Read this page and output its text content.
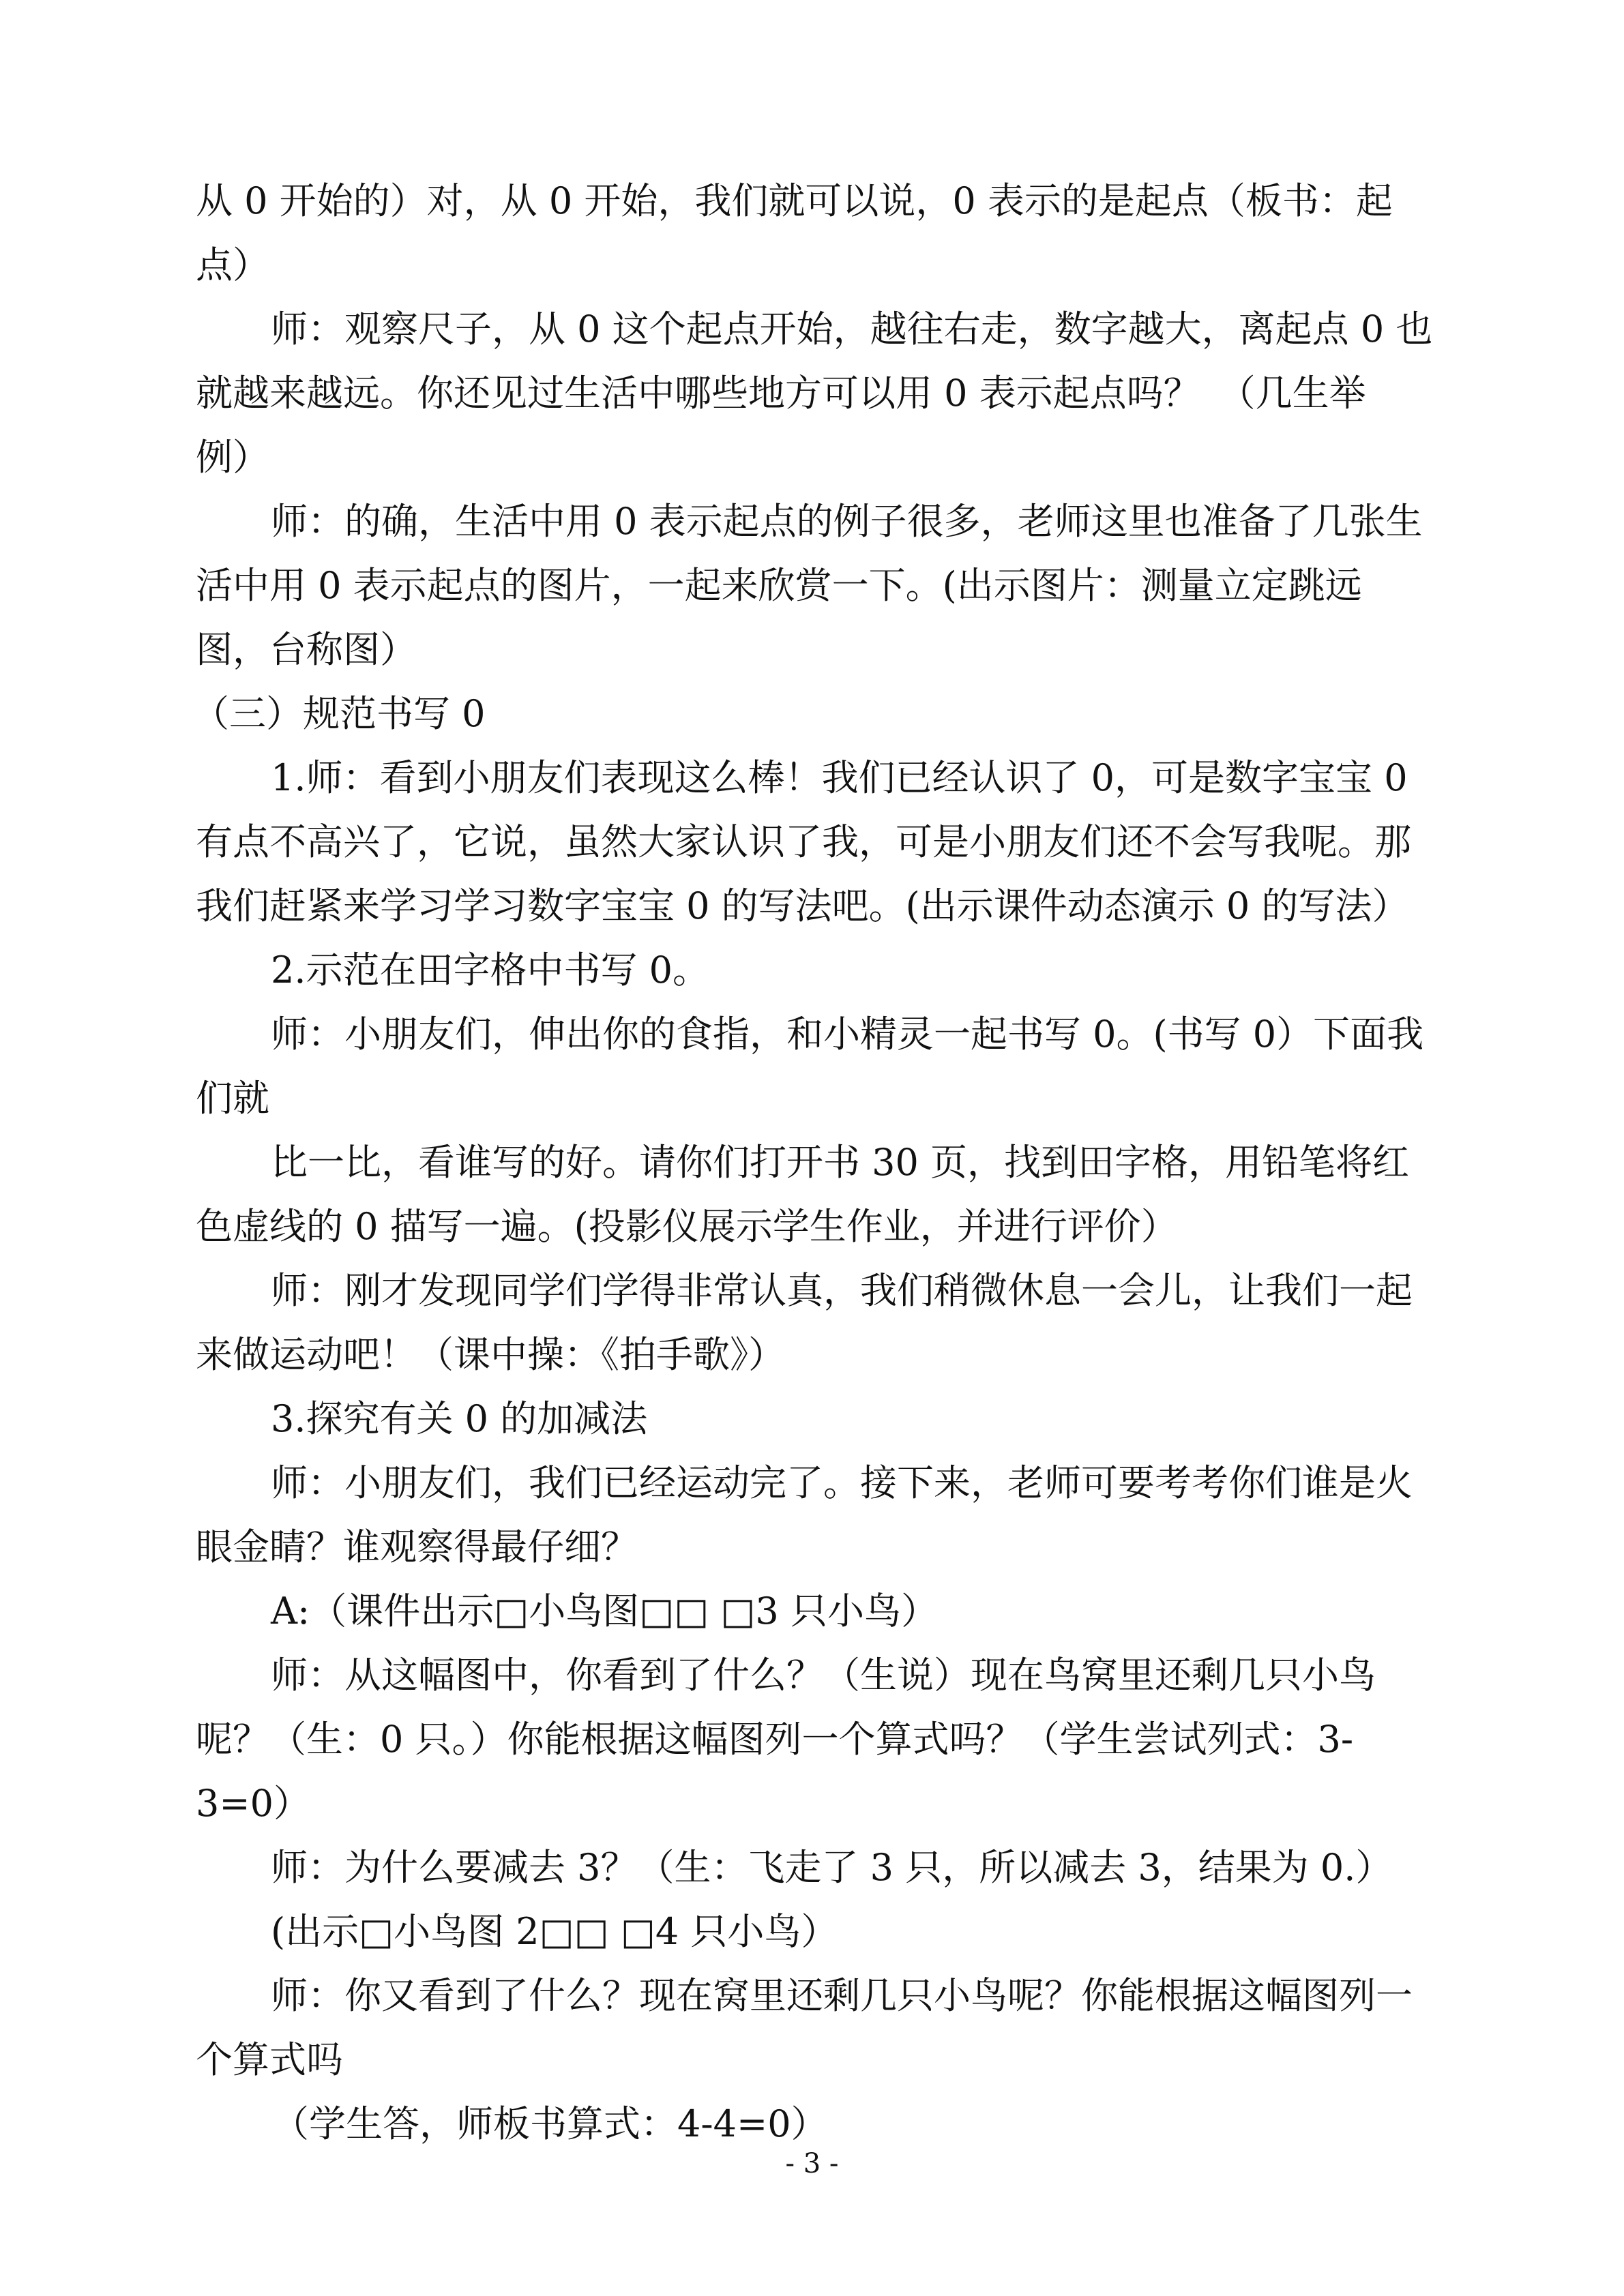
从 0 开始的）对，从 0 开始，我们就可以说，0 表示的是起点（板书：起
点）
师：观察尺子，从 0 这个起点开始，越往右走，数字越大，离起点 0 也
就越来越远。你还见过生活中哪些地方可以用 0 表示起点吗？　（几生举
例）
师：的确，生活中用 0 表示起点的例子很多，老师这里也准备了几张生
活中用 0 表示起点的图片，一起来欣赏一下。(出示图片：测量立定跳远
图，台称图）
（三）规范书写 0
1.师：看到小朋友们表现这么棒！我们已经认识了 0，可是数字宝宝 0
有点不高兴了，它说，虽然大家认识了我，可是小朋友们还不会写我呢。那
我们赶紧来学习学习数字宝宝 0 的写法吧。(出示课件动态演示 0 的写法）
2.示范在田字格中书写 0。
师：小朋友们，伸出你的食指，和小精灵一起书写 0。(书写 0）下面我
们就
比一比，看谁写的好。请你们打开书 30 页，找到田字格，用铅笔将红
色虚线的 0 描写一遍。(投影仪展示学生作业，并进行评价）
师：刚才发现同学们学得非常认真，我们稍微休息一会儿，让我们一起
来做运动吧！（课中操：《拍手歌》）
3.探究有关 0 的加减法
师：小朋友们，我们已经运动完了。接下来，老师可要考考你们谁是火
眼金睛？谁观察得最仔细？
A:（课件出示□小鸟图□□ □3 只小鸟）
师：从这幅图中，你看到了什么？（生说）现在鸟窝里还剩几只小鸟
呢？（生：0 只。）你能根据这幅图列一个算式吗？（学生尝试列式：3-
3=0）
师：为什么要减去 3？（生：飞走了 3 只，所以减去 3，结果为 0.）
(出示□小鸟图 2□□ □4 只小鸟）
师：你又看到了什么？现在窝里还剩几只小鸟呢？你能根据这幅图列一
个算式吗
（学生答，师板书算式：4-4=0）
- 3 -
